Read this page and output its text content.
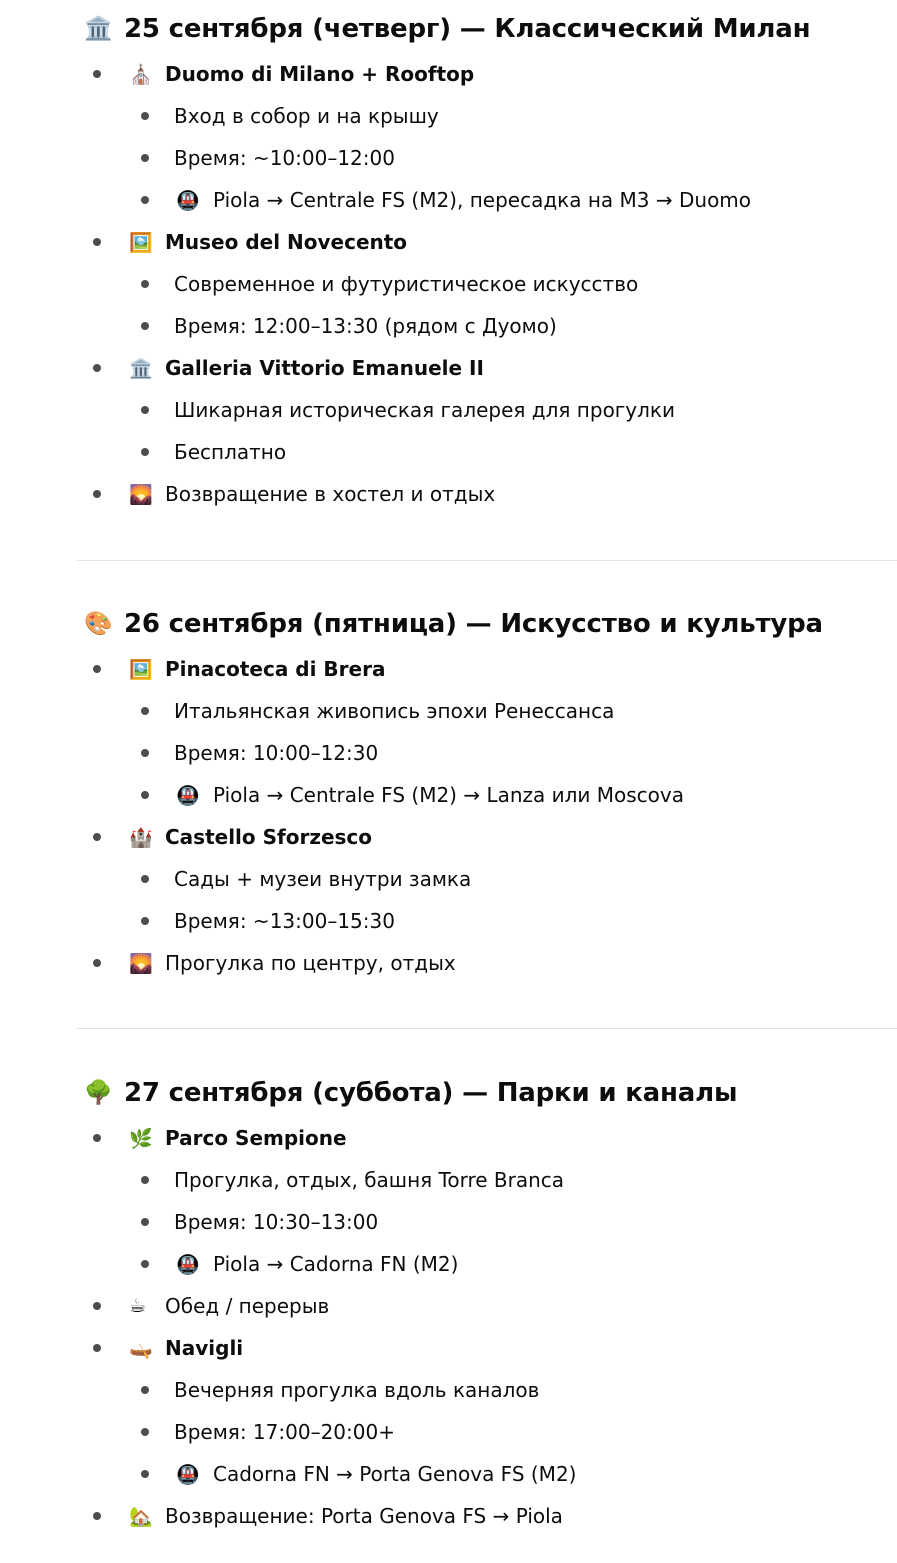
🏛️ 25 сентября (четверг) — Классический Милан
⛪ Duomo di Milano + Rooftop
Вход в собор и на крышу
Время: ~10:00–12:00
🚇 Piola → Centrale FS (M2), пересадка на M3 → Duomo
🖼️ Museo del Novecento
Современное и футуристическое искусство
Время: 12:00–13:30 (рядом с Дуомо)
🏛️ Galleria Vittorio Emanuele II
Шикарная историческая галерея для прогулки
Бесплатно
🌄 Возвращение в хостел и отдых
🎨 26 сентября (пятница) — Искусство и культура
🖼️ Pinacoteca di Brera
Итальянская живопись эпохи Ренессанса
Время: 10:00–12:30
🚇 Piola → Centrale FS (M2) → Lanza или Moscova
🏰 Castello Sforzesco
Сады + музеи внутри замка
Время: ~13:00–15:30
🌄 Прогулка по центру, отдых
🌳 27 сентября (суббота) — Парки и каналы
🌿 Parco Sempione
Прогулка, отдых, башня Torre Branca
Время: 10:30–13:00
🚇 Piola → Cadorna FN (M2)
☕ Обед / перерыв
🛶 Navigli
Вечерняя прогулка вдоль каналов
Время: 17:00–20:00+
🚇 Cadorna FN → Porta Genova FS (M2)
🏡 Возвращение: Porta Genova FS → Piola
